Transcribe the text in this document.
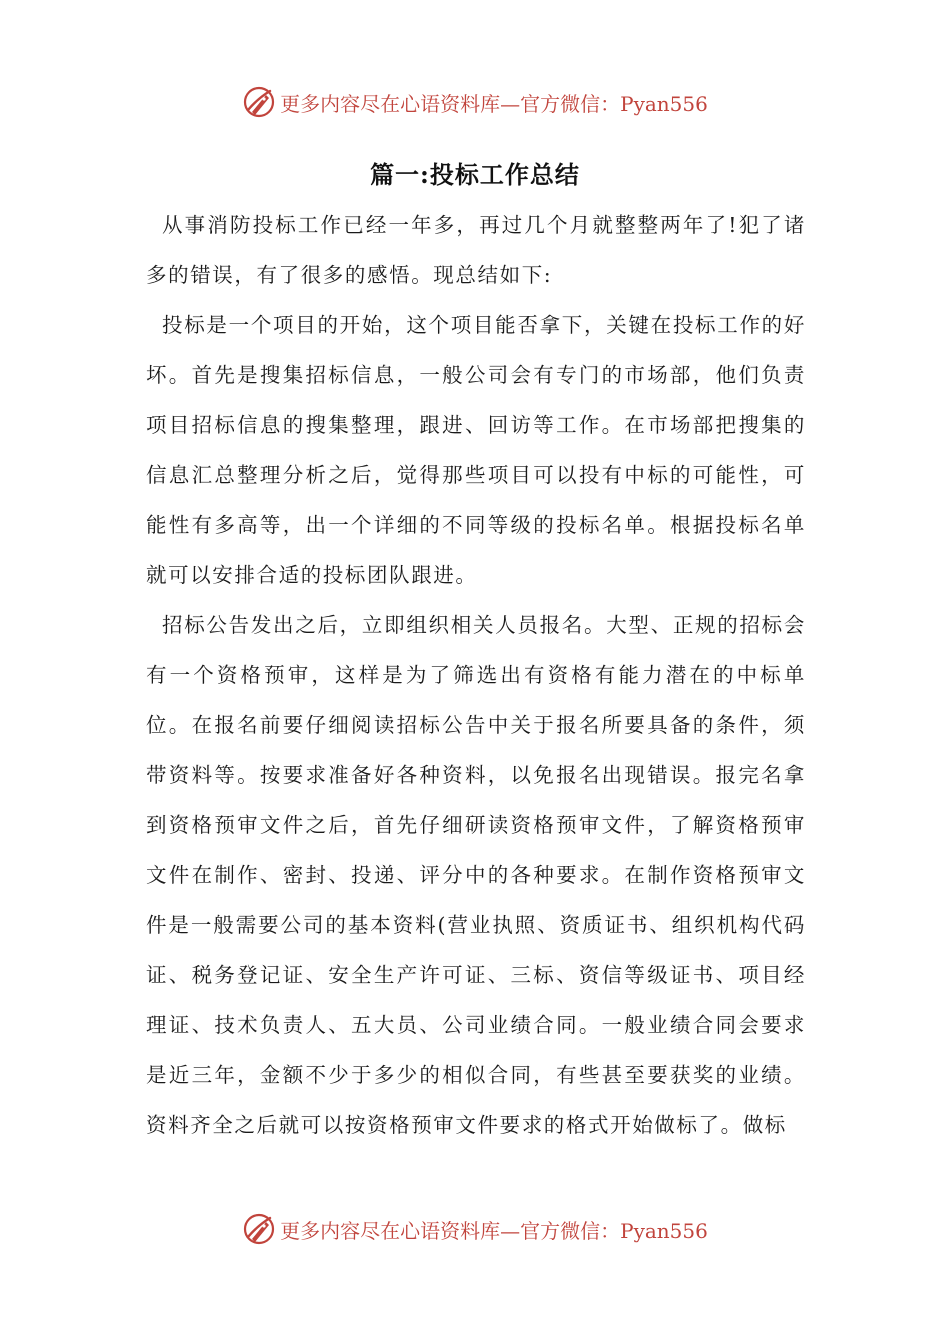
更多内容尽在心语资料库—官方微信：Pyan556
篇一:投标工作总结

从事消防投标工作已经一年多，再过几个月就整整两年了!犯了诸多的错误，有了很多的感悟。现总结如下:

投标是一个项目的开始，这个项目能否拿下，关键在投标工作的好坏。首先是搜集招标信息，一般公司会有专门的市场部，他们负责项目招标信息的搜集整理，跟进、回访等工作。在市场部把搜集的信息汇总整理分析之后，觉得那些项目可以投有中标的可能性，可能性有多高等，出一个详细的不同等级的投标名单。根据投标名单就可以安排合适的投标团队跟进。

招标公告发出之后，立即组织相关人员报名。大型、正规的招标会有一个资格预审，这样是为了筛选出有资格有能力潜在的中标单位。在报名前要仔细阅读招标公告中关于报名所要具备的条件，须带资料等。按要求准备好各种资料，以免报名出现错误。报完名拿到资格预审文件之后，首先仔细研读资格预审文件，了解资格预审文件在制作、密封、投递、评分中的各种要求。在制作资格预审文件是一般需要公司的基本资料(营业执照、资质证书、组织机构代码证、税务登记证、安全生产许可证、三标、资信等级证书、项目经理证、技术负责人、五大员、公司业绩合同。一般业绩合同会要求是近三年，金额不少于多少的相似合同，有些甚至要获奖的业绩。资料齐全之后就可以按资格预审文件要求的格式开始做标了。做标

更多内容尽在心语资料库—官方微信：Pyan556
